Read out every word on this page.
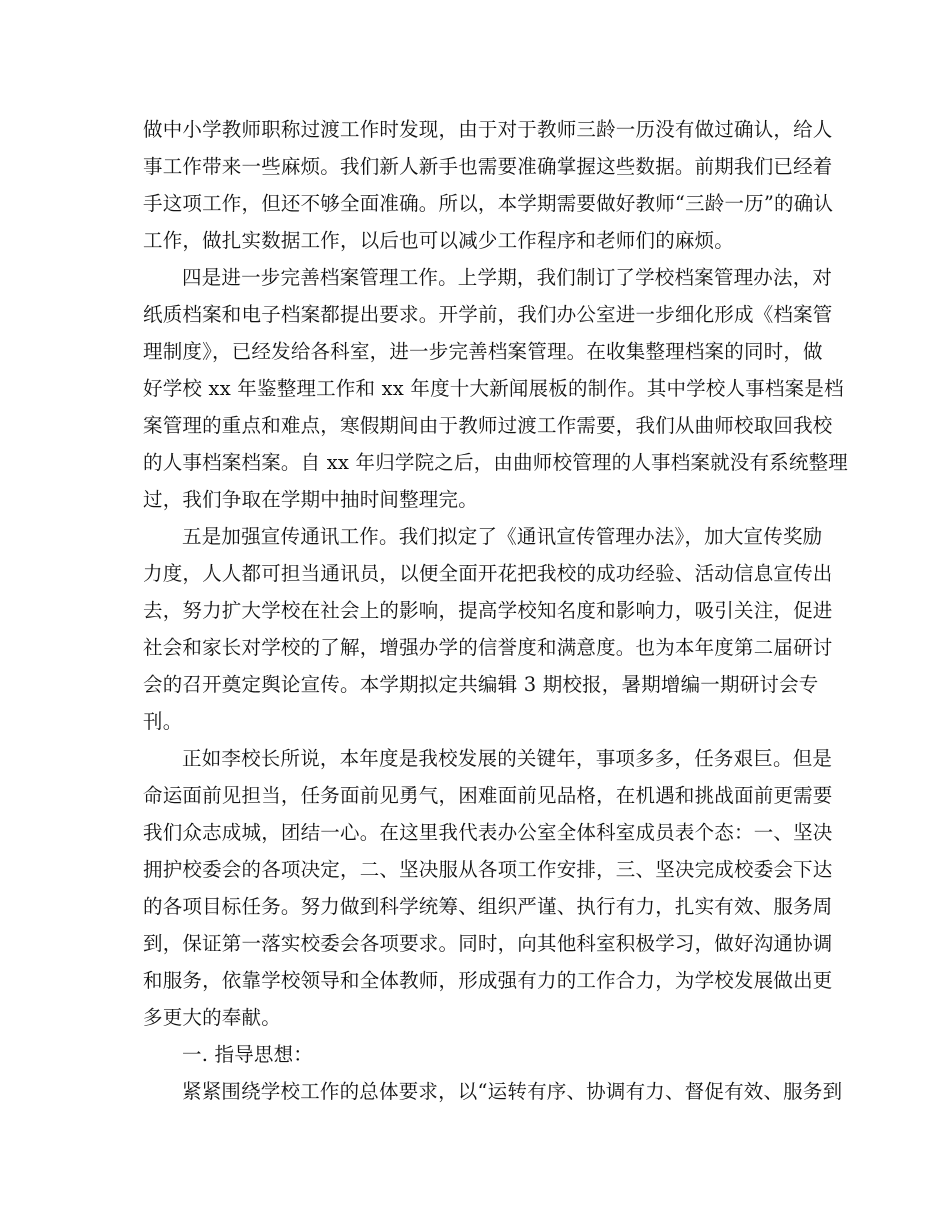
做中小学教师职称过渡工作时发现，由于对于教师三龄一历没有做过确认，给人

事工作带来一些麻烦。我们新人新手也需要准确掌握这些数据。前期我们已经着

手这项工作，但还不够全面准确。所以，本学期需要做好教师“三龄一历”的确认

工作，做扎实数据工作，以后也可以减少工作程序和老师们的麻烦。

四是进一步完善档案管理工作。上学期，我们制订了学校档案管理办法，对

纸质档案和电子档案都提出要求。开学前，我们办公室进一步细化形成《档案管

理制度》，已经发给各科室，进一步完善档案管理。在收集整理档案的同时，做

好学校 xx 年鉴整理工作和 xx 年度十大新闻展板的制作。其中学校人事档案是档

案管理的重点和难点，寒假期间由于教师过渡工作需要，我们从曲师校取回我校

的人事档案档案。自 xx 年归学院之后，由曲师校管理的人事档案就没有系统整理

过，我们争取在学期中抽时间整理完。

五是加强宣传通讯工作。我们拟定了《通讯宣传管理办法》，加大宣传奖励

力度，人人都可担当通讯员，以便全面开花把我校的成功经验、活动信息宣传出

去，努力扩大学校在社会上的影响，提高学校知名度和影响力，吸引关注，促进

社会和家长对学校的了解，增强办学的信誉度和满意度。也为本年度第二届研讨

会的召开奠定舆论宣传。本学期拟定共编辑 3 期校报，暑期增编一期研讨会专

刊。

正如李校长所说，本年度是我校发展的关键年，事项多多，任务艰巨。但是

命运面前见担当，任务面前见勇气，困难面前见品格，在机遇和挑战面前更需要

我们众志成城，团结一心。在这里我代表办公室全体科室成员表个态：一、坚决

拥护校委会的各项决定，二、坚决服从各项工作安排，三、坚决完成校委会下达

的各项目标任务。努力做到科学统筹、组织严谨、执行有力，扎实有效、服务周

到，保证第一落实校委会各项要求。同时，向其他科室积极学习，做好沟通协调

和服务，依靠学校领导和全体教师，形成强有力的工作合力，为学校发展做出更

多更大的奉献。

一. 指导思想：

紧紧围绕学校工作的总体要求，以“运转有序、协调有力、督促有效、服务到
